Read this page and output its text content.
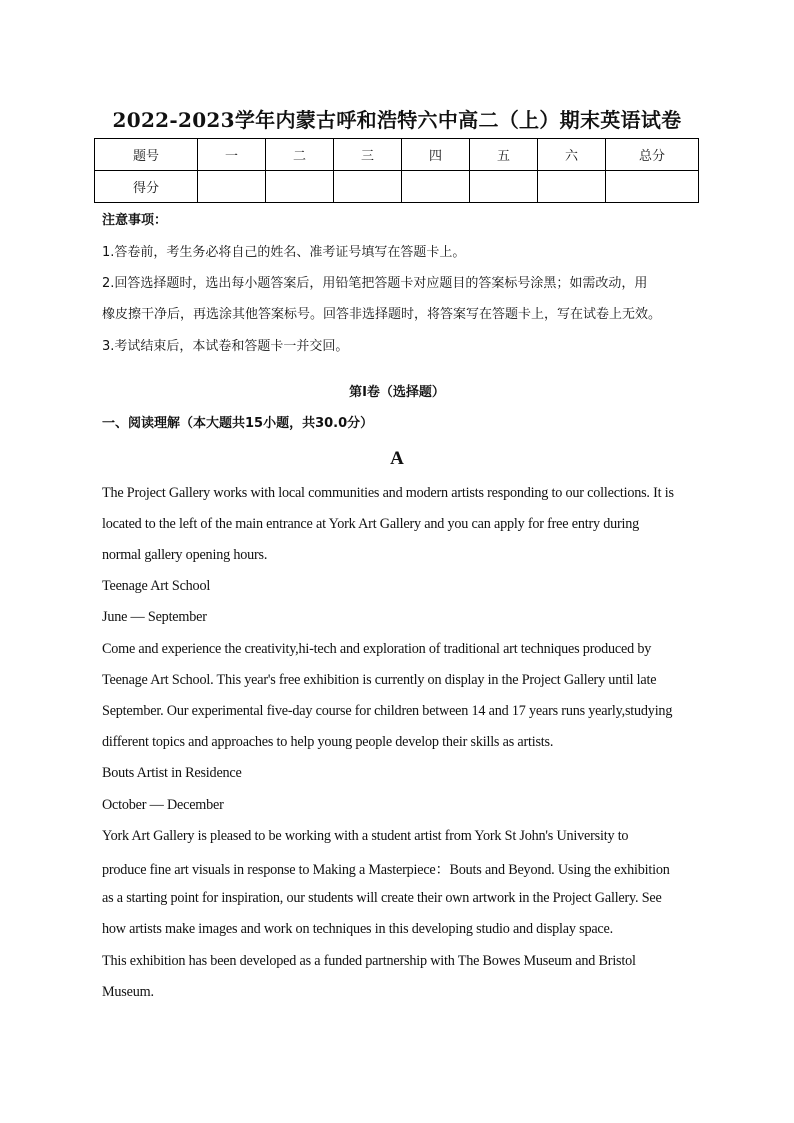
2022-2023学年内蒙古呼和浩特六中高二（上）期末英语试卷
题号	一	二	三	四	五	六	总分
得分							
注意事项：
1.答卷前，考生务必将自己的姓名、准考证号填写在答题卡上。
2.回答选择题时，选出每小题答案后，用铅笔把答题卡对应题目的答案标号涂黑；如需改动，用
橡皮擦干净后，再选涂其他答案标号。回答非选择题时，将答案写在答题卡上，写在试卷上无效。
3.考试结束后，本试卷和答题卡一并交回。
第Ⅰ卷（选择题）
一、阅读理解（本大题共15小题，共30.0分）
A
The Project Gallery works with local communities and modern artists responding to our collections. It is
located to the left of the main entrance at York Art Gallery and you can apply for free entry during
normal gallery opening hours.
Teenage Art School
June — September
Come and experience the creativity,hi-tech and exploration of traditional art techniques produced by
Teenage Art School. This year's free exhibition is currently on display in the Project Gallery until late
September. Our experimental five-day course for children between 14 and 17 years runs yearly,studying
different topics and approaches to help young people develop their skills as artists.
Bouts Artist in Residence
October — December
York Art Gallery is pleased to be working with a student artist from York St John's University to
produce fine art visuals in response to Making a Masterpiece：Bouts and Beyond. Using the exhibition
as a starting point for inspiration, our students will create their own artwork in the Project Gallery. See
how artists make images and work on techniques in this developing studio and display space.
This exhibition has been developed as a funded partnership with The Bowes Museum and Bristol
Museum.
